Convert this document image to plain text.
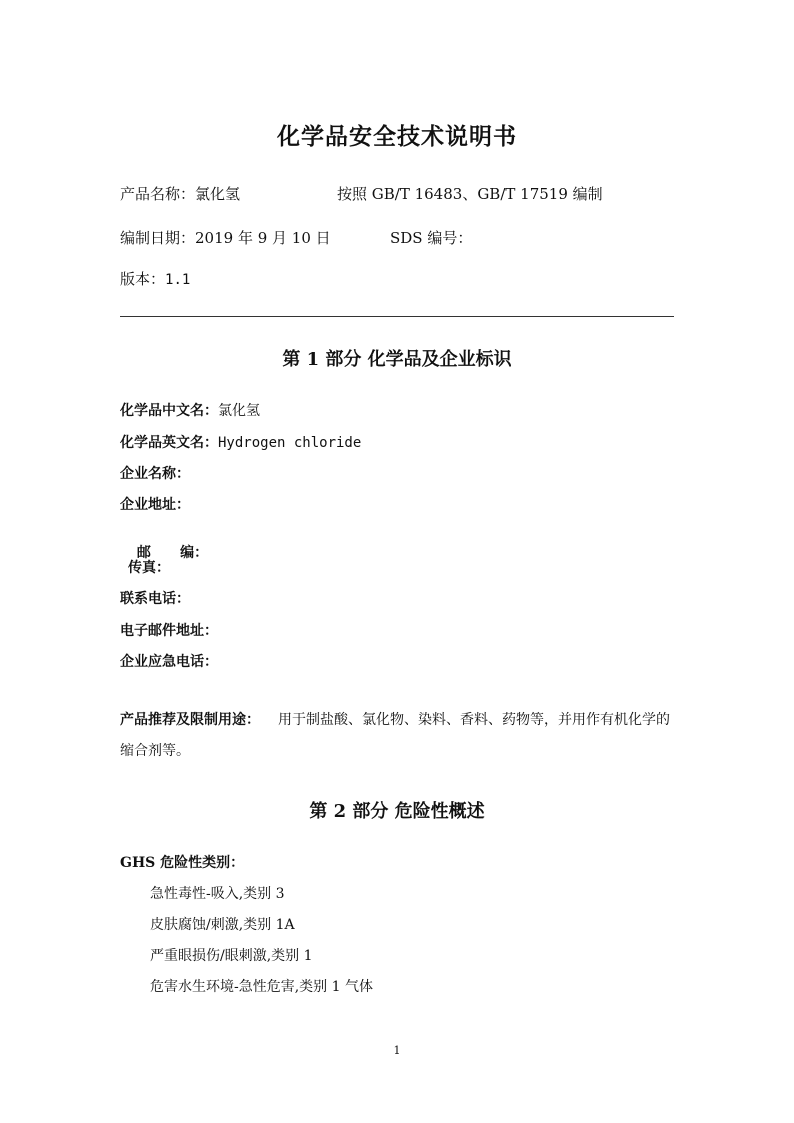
化学品安全技术说明书
产品名称：氯化氢	按照 GB/T 16483、GB/T 17519 编制
编制日期：2019 年 9 月 10 日	SDS 编号：
版本：1.1
第 1 部分 化学品及企业标识
化学品中文名：氯化氢
化学品英文名：Hydrogen chloride
企业名称：
企业地址：

邮      编：

传真：
联系电话：
电子邮件地址：
企业应急电话：
产品推荐及限制用途： 用于制盐酸、氯化物、染料、香料、药物等，并用作有机化学的缩合剂等。
第 2 部分 危险性概述
GHS 危险性类别：
急性毒性-吸入,类别 3
皮肤腐蚀/刺激,类别 1A
严重眼损伤/眼刺激,类别 1
危害水生环境-急性危害,类别 1 气体
1
